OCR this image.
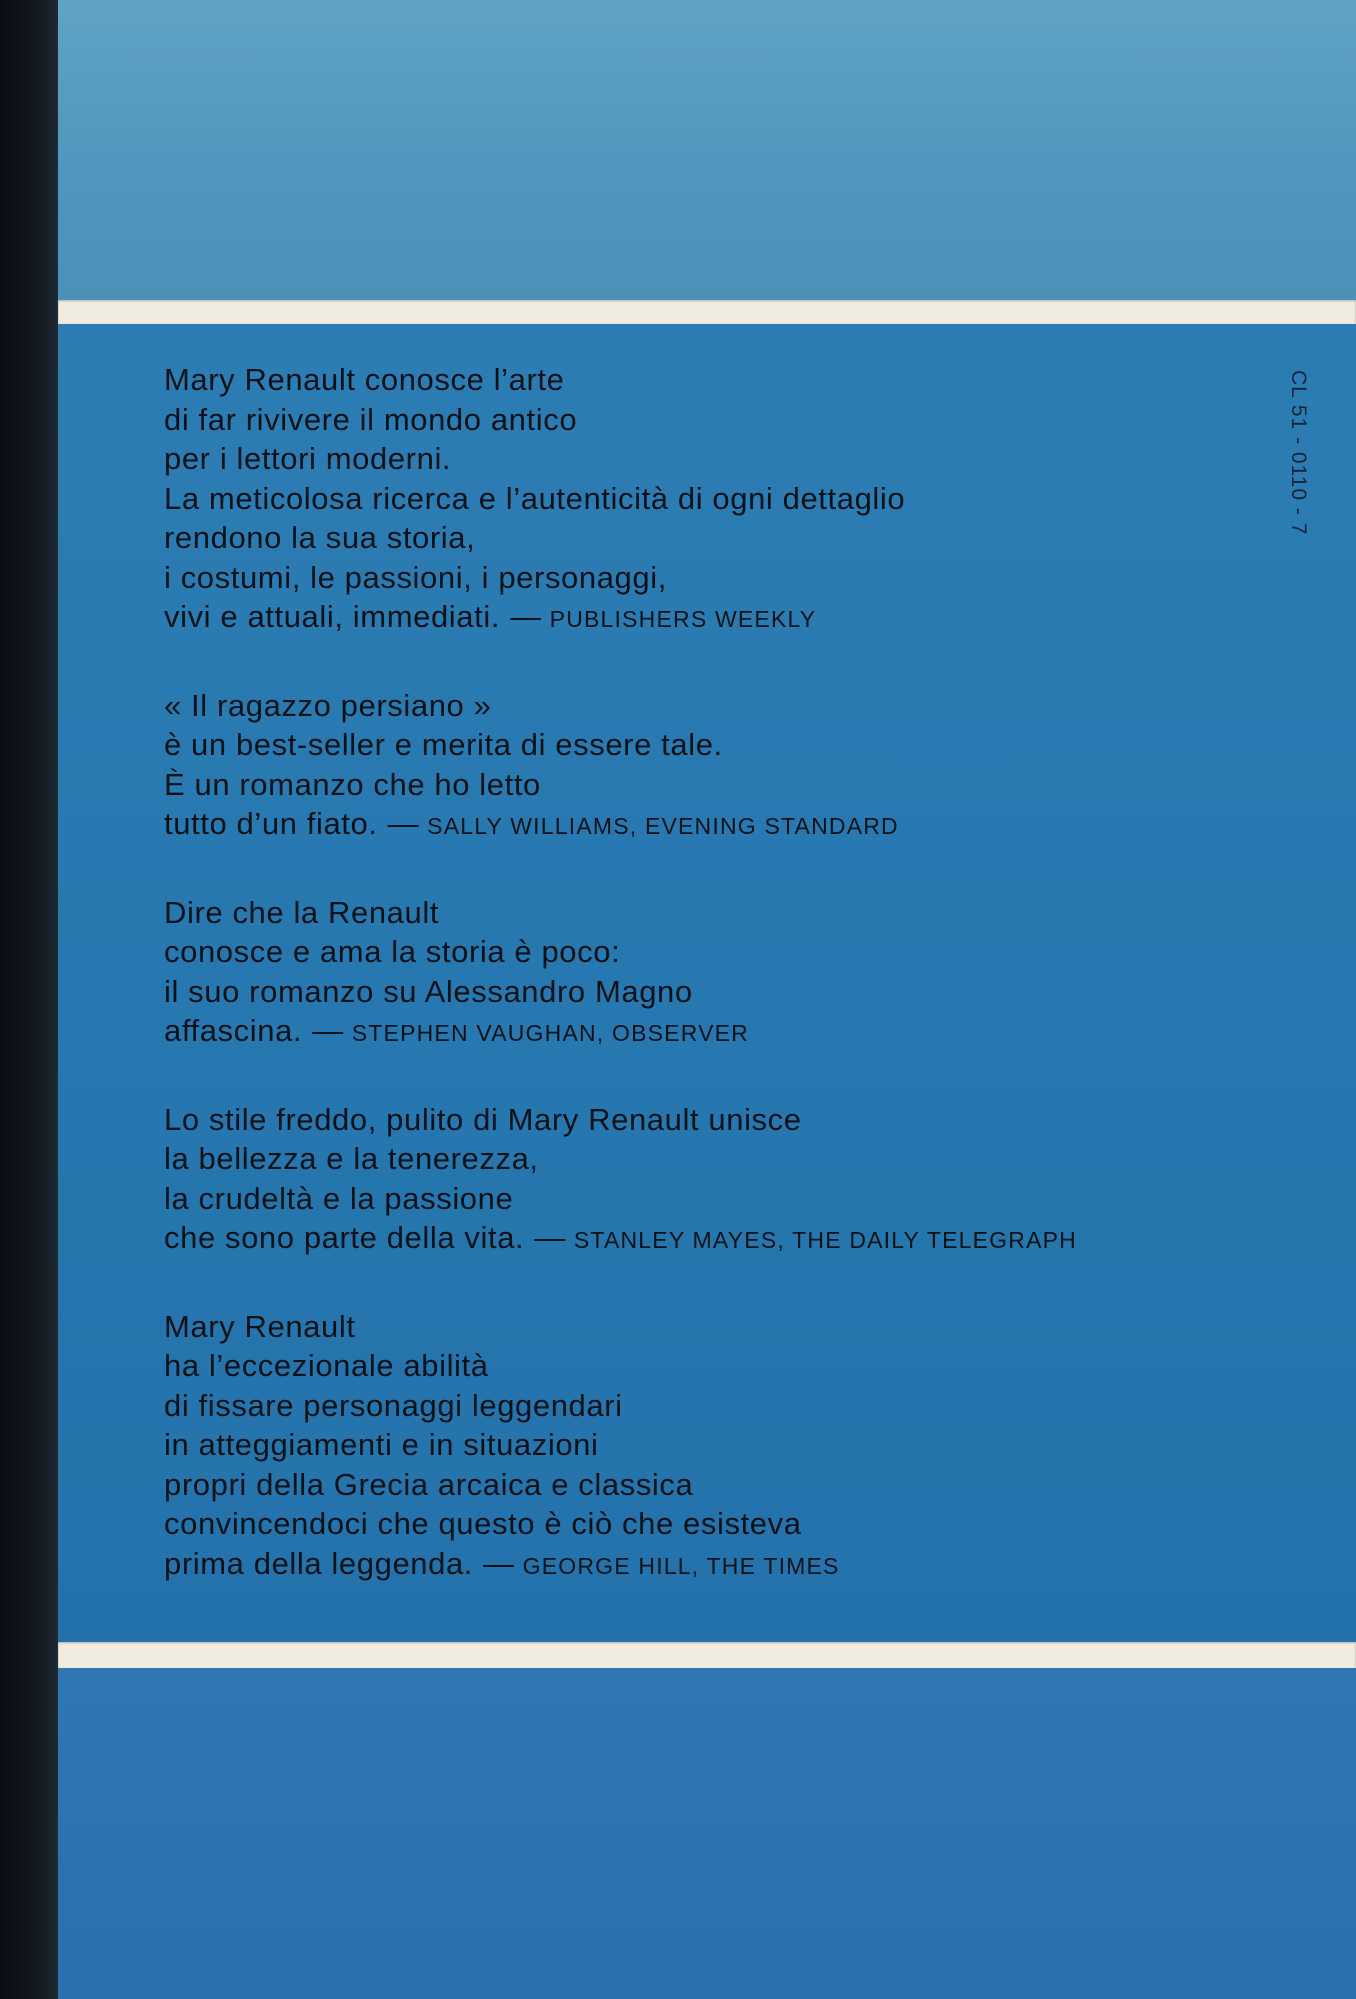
Mary Renault conosce l’arte
di far rivivere il mondo antico
per i lettori moderni.
La meticolosa ricerca e l’autenticità di ogni dettaglio
rendono la sua storia,
i costumi, le passioni, i personaggi,
vivi e attuali, immediati. — PUBLISHERS WEEKLY
« Il ragazzo persiano »
è un best-seller e merita di essere tale.
È un romanzo che ho letto
tutto d’un fiato. — SALLY WILLIAMS, EVENING STANDARD
Dire che la Renault
conosce e ama la storia è poco:
il suo romanzo su Alessandro Magno
affascina. — STEPHEN VAUGHAN, OBSERVER
Lo stile freddo, pulito di Mary Renault unisce
la bellezza e la tenerezza,
la crudeltà e la passione
che sono parte della vita. — STANLEY MAYES, THE DAILY TELEGRAPH
Mary Renault
ha l’eccezionale abilità
di fissare personaggi leggendari
in atteggiamenti e in situazioni
propri della Grecia arcaica e classica
convincendoci che questo è ciò che esisteva
prima della leggenda. — GEORGE HILL, THE TIMES
CL 51 - 0110 - 7
